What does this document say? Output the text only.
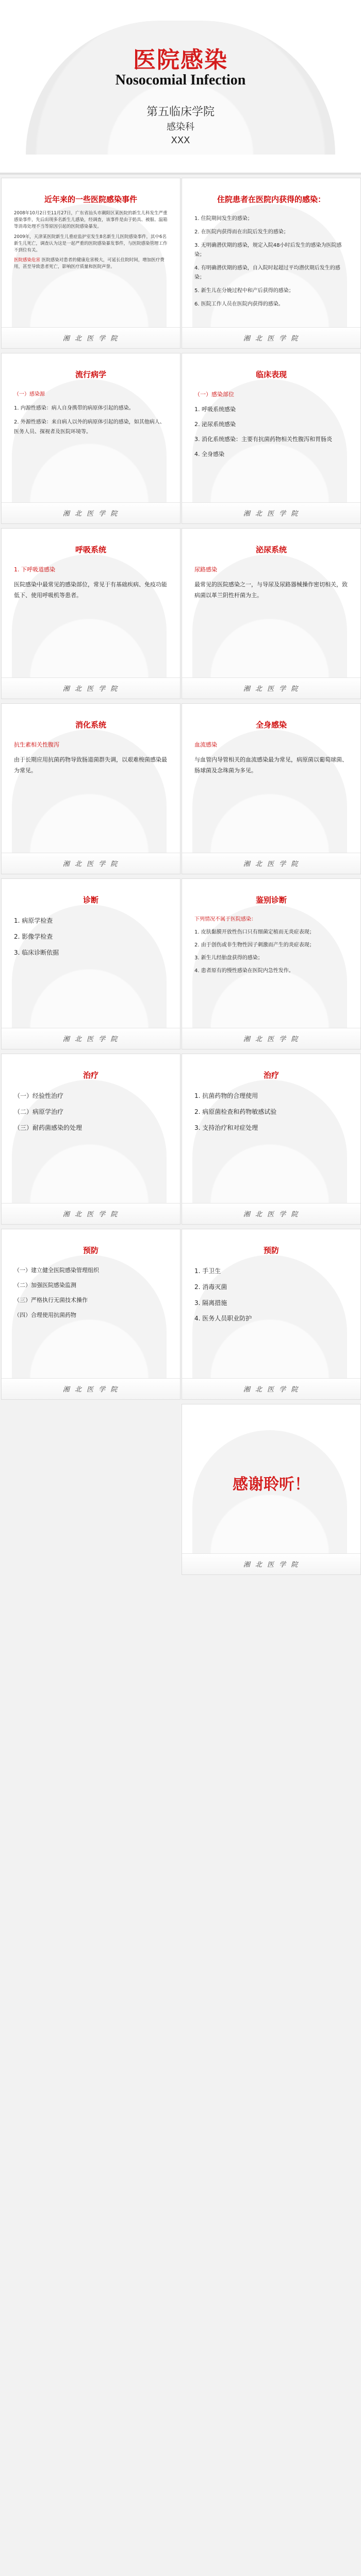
医院感染
Nosocomial Infection
第五临床学院
感染科
XXX
近年来的一些医院感染事件

2008年10月2日至11月27日，广东省汕头市潮阳区某医院的新生儿科发生严重感染事件，先后出现多名新生儿感染，经调查，该事件是由于奶具、被服、温箱等消毒处理不当等原因引起的医院感染暴发。

2009年，天津某医院新生儿重症监护室发生8名新生儿医院感染事件，其中6名新生儿死亡，调查认为这是一起严重的医院感染暴发事件，与医院感染管理工作不到位有关。

医院感染危害 医院感染对患者的健康危害极大，可延长住院时间，增加医疗费用，甚至导致患者死亡，影响医疗质量和医院声誉。

湘 北 医 学 院
住院患者在医院内获得的感染：

1. 住院期间发生的感染；

2. 在医院内获得而在出院后发生的感染；

3. 无明确潜伏期的感染，规定入院48小时后发生的感染为医院感染；

4. 有明确潜伏期的感染，自入院时起超过平均潜伏期后发生的感染；

5. 新生儿在分娩过程中和产后获得的感染；

6. 医院工作人员在医院内获得的感染。

湘 北 医 学 院
流行病学

（一）感染源

1. 内源性感染：病人自身携带的病原体引起的感染。

2. 外源性感染：来自病人以外的病原体引起的感染，如其他病人、医务人员、探视者及医院环境等。

湘 北 医 学 院
临床表现

（一）感染部位

1. 呼吸系统感染

2. 泌尿系统感染

3. 消化系统感染：主要有抗菌药物相关性腹泻和胃肠炎

4. 全身感染

湘 北 医 学 院
呼吸系统

1. 下呼吸道感染

医院感染中最常见的感染部位，常见于有基础疾病、免疫功能低下、使用呼吸机等患者。

湘 北 医 学 院
泌尿系统

尿路感染

最常见的医院感染之一，与导尿及尿路器械操作密切相关，致病菌以革兰阴性杆菌为主。

湘 北 医 学 院
消化系统

抗生素相关性腹泻

由于长期应用抗菌药物导致肠道菌群失调，以艰难梭菌感染最为常见。

湘 北 医 学 院
全身感染

血流感染

与血管内导管相关的血流感染最为常见，病原菌以葡萄球菌、肠球菌及念珠菌为多见。

湘 北 医 学 院
诊断

1. 病原学检查

2. 影像学检查

3. 临床诊断依据

湘 北 医 学 院
鉴别诊断

下列情况不属于医院感染：

1. 皮肤黏膜开放性伤口只有细菌定植而无炎症表现；

2. 由于创伤或非生物性因子刺激而产生的炎症表现；

3. 新生儿经胎盘获得的感染；

4. 患者原有的慢性感染在医院内急性发作。

湘 北 医 学 院
治疗

（一）经验性治疗

（二）病原学治疗

（三）耐药菌感染的处理

湘 北 医 学 院
治疗

1. 抗菌药物的合理使用

2. 病原菌检查和药物敏感试验

3. 支持治疗和对症处理

湘 北 医 学 院
预防

（一）建立健全医院感染管理组织

（二）加强医院感染监测

（三）严格执行无菌技术操作

（四）合理使用抗菌药物

湘 北 医 学 院
预防

1. 手卫生

2. 消毒灭菌

3. 隔离措施

4. 医务人员职业防护

湘 北 医 学 院
感谢聆听！
湘 北 医 学 院
